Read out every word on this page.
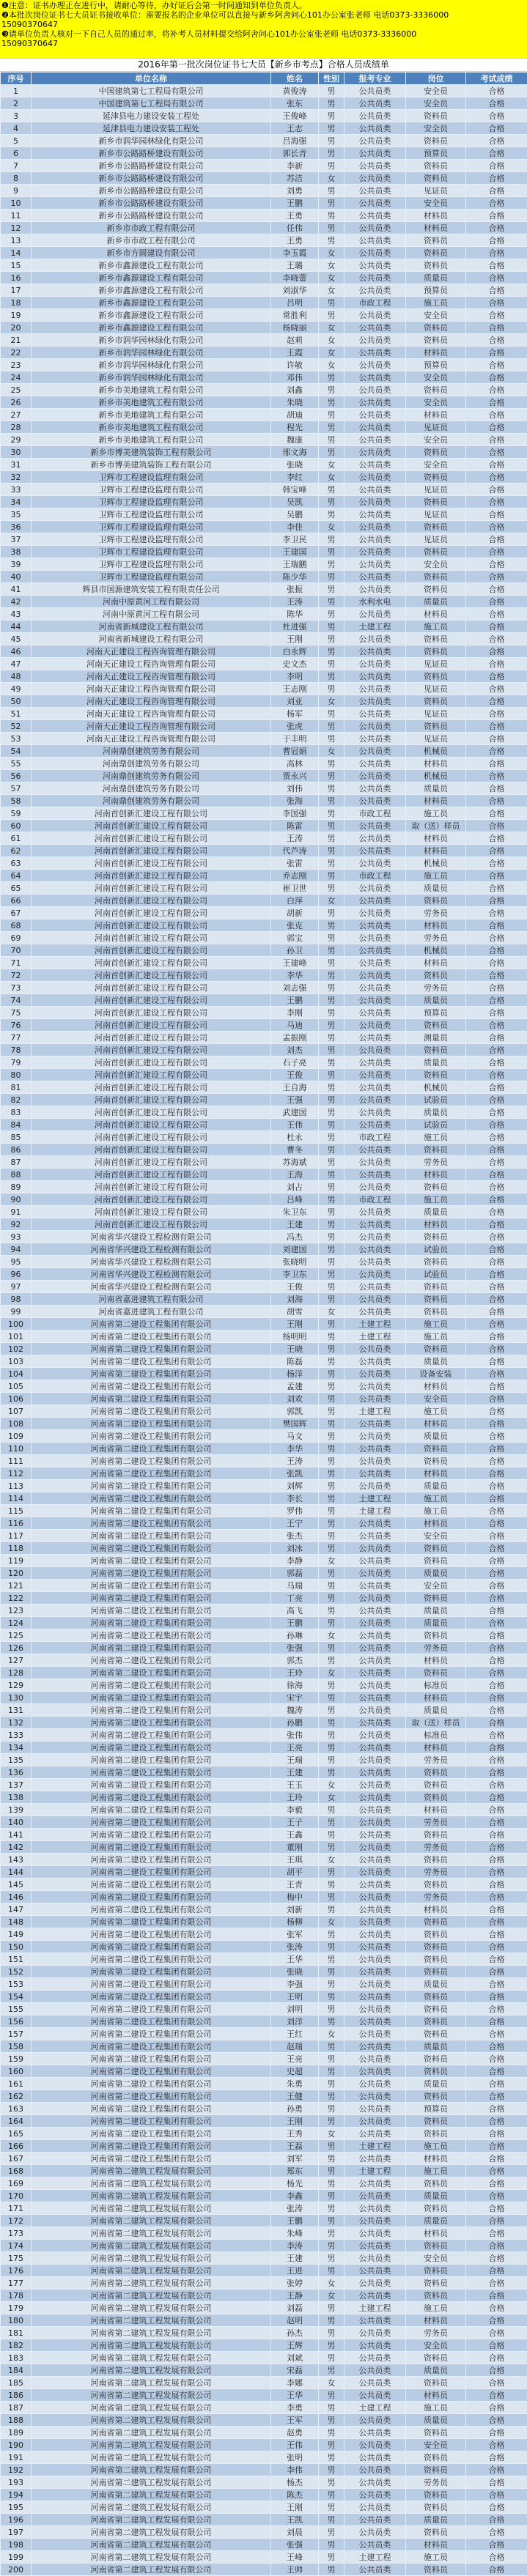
❶注意：证书办理正在进行中，请耐心等待，办好证后会第一时间通知到单位负责人。
❷本批次岗位证书七大员证书接收单位：需要报名的企业单位可以直接与新乡阿舍问心101办公室张老师 电话0373-3336000
15090370647
❸请单位负责人核对一下自己人员的通过率，将补考人员材料提交给阿舍问心101办公室张老师 电话0373-3336000
15090370647
2016年第一批次岗位证书七大员【新乡市考点】合格人员成绩单
序号	单位名称	姓名	性别	报考专业	岗位	考试成绩
1	中国建筑第七工程局有限公司	黄俊涛	男	公共员类	安全员	合格
2	中国建筑第七工程局有限公司	张东	男	公共员类	安全员	合格
3	延津县电力建设安装工程处	王俊峰	男	公共员类	资料员	合格
4	延津县电力建设安装工程处	王志	男	公共员类	安全员	合格
5	新乡市润华园林绿化有限公司	吕海强	男	公共员类	资料员	合格
6	新乡市公路路桥建设有限公司	郭长青	男	公共员类	预算员	合格
7	新乡市公路路桥建设有限公司	李新	男	公共员类	资料员	合格
8	新乡市公路路桥建设有限公司	苏洁	女	公共员类	资料员	合格
9	新乡市公路路桥建设有限公司	刘勇	男	公共员类	见证员	合格
10	新乡市公路路桥建设有限公司	王鹏	男	公共员类	安全员	合格
11	新乡市公路路桥建设有限公司	王勇	男	公共员类	材料员	合格
12	新乡市市政工程有限公司	任伟	男	公共员类	材料员	合格
13	新乡市市政工程有限公司	王勇	男	公共员类	资料员	合格
14	新乡市方圆建设有限公司	李玉霞	女	公共员类	资料员	合格
15	新乡市鑫源建设工程有限公司	王璐	女	公共员类	资料员	合格
16	新乡市鑫源建设工程有限公司	李晓蕾	女	公共员类	质量员	合格
17	新乡市鑫源建设工程有限公司	刘淑华	女	公共员类	预算员	合格
18	新乡市鑫源建设工程有限公司	吕明	男	市政工程	施工员	合格
19	新乡市鑫源建设工程有限公司	常胜利	男	公共员类	安全员	合格
20	新乡市鑫源建设工程有限公司	杨晓丽	女	公共员类	资料员	合格
21	新乡市润华园林绿化有限公司	赵莉	女	公共员类	资料员	合格
22	新乡市润华园林绿化有限公司	王霞	女	公共员类	材料员	合格
23	新乡市润华园林绿化有限公司	许敏	女	公共员类	预算员	合格
24	新乡市润华园林绿化有限公司	邓伟	男	公共员类	安全员	合格
25	新乡市美地建筑工程有限公司	刘鑫	男	公共员类	资料员	合格
26	新乡市美地建筑工程有限公司	朱晓	男	公共员类	安全员	合格
27	新乡市美地建筑工程有限公司	胡迪	男	公共员类	材料员	合格
28	新乡市美地建筑工程有限公司	程光	男	公共员类	见证员	合格
29	新乡市美地建筑工程有限公司	魏康	男	公共员类	安全员	合格
30	新乡市博美建筑装饰工程有限公司	邢文海	男	公共员类	资料员	合格
31	新乡市博美建筑装饰工程有限公司	张晓	女	公共员类	安全员	合格
32	卫辉市工程建设监理有限公司	李红	女	公共员类	资料员	合格
33	卫辉市工程建设监理有限公司	韩宝峰	男	公共员类	见证员	合格
34	卫辉市工程建设监理有限公司	吴凯	男	公共员类	资料员	合格
35	卫辉市工程建设监理有限公司	吴鹏	男	公共员类	见证员	合格
36	卫辉市工程建设监理有限公司	李佳	女	公共员类	资料员	合格
37	卫辉市工程建设监理有限公司	李卫民	男	公共员类	见证员	合格
38	卫辉市工程建设监理有限公司	王建国	男	公共员类	资料员	合格
39	卫辉市工程建设监理有限公司	王瑞鹏	男	公共员类	安全员	合格
40	卫辉市工程建设监理有限公司	陈少华	男	公共员类	资料员	合格
41	辉县市国源建筑安装工程有限责任公司	张振	男	公共员类	资料员	合格
42	河南中原黄河工程有限公司	王涛	男	水利水电	质量员	合格
43	河南中原黄河工程有限公司	陈华	男	公共员类	材料员	合格
44	河南省新城建设工程有限公司	杜进强	男	土建工程	施工员	合格
45	河南省新城建设工程有限公司	王刚	男	公共员类	资料员	合格
46	河南天正建设工程咨询管理有限公司	白永辉	男	公共员类	资料员	合格
47	河南天正建设工程咨询管理有限公司	史文杰	男	公共员类	见证员	合格
48	河南天正建设工程咨询管理有限公司	李明	男	公共员类	资料员	合格
49	河南天正建设工程咨询管理有限公司	王志刚	男	公共员类	见证员	合格
50	河南天正建设工程咨询管理有限公司	刘亚	女	公共员类	资料员	合格
51	河南天正建设工程咨询管理有限公司	杨军	男	公共员类	见证员	合格
52	河南天正建设工程咨询管理有限公司	张虎	男	公共员类	资料员	合格
53	河南天正建设工程咨询管理有限公司	于丰明	男	公共员类	见证员	合格
54	河南鼎创建筑劳务有限公司	曹冠娟	女	公共员类	机械员	合格
55	河南鼎创建筑劳务有限公司	高林	男	公共员类	材料员	合格
56	河南鼎创建筑劳务有限公司	贾永兴	男	公共员类	机械员	合格
57	河南鼎创建筑劳务有限公司	刘伟	男	公共员类	质量员	合格
58	河南鼎创建筑劳务有限公司	张海	男	公共员类	材料员	合格
59	河南首创新汇建设工程有限公司	李国强	男	市政工程	施工员	合格
60	河南首创新汇建设工程有限公司	陈雷	男	公共员类	取（送）样员	合格
61	河南首创新汇建设工程有限公司	王涛	男	公共员类	材料员	合格
62	河南首创新汇建设工程有限公司	代芦涛	男	公共员类	材料员	合格
63	河南首创新汇建设工程有限公司	张雷	男	公共员类	机械员	合格
64	河南首创新汇建设工程有限公司	乔志刚	男	市政工程	施工员	合格
65	河南首创新汇建设工程有限公司	崔卫世	男	公共员类	质量员	合格
66	河南首创新汇建设工程有限公司	白萍	女	公共员类	资料员	合格
67	河南首创新汇建设工程有限公司	胡新	男	公共员类	劳务员	合格
68	河南首创新汇建设工程有限公司	张克	男	公共员类	材料员	合格
69	河南首创新汇建设工程有限公司	郭宝	男	公共员类	劳务员	合格
70	河南首创新汇建设工程有限公司	孙卫	男	公共员类	机械员	合格
71	河南首创新汇建设工程有限公司	王建峰	男	公共员类	材料员	合格
72	河南首创新汇建设工程有限公司	李华	男	公共员类	资料员	合格
73	河南首创新汇建设工程有限公司	刘志强	男	公共员类	劳务员	合格
74	河南首创新汇建设工程有限公司	王鹏	男	公共员类	质量员	合格
75	河南首创新汇建设工程有限公司	李刚	男	公共员类	预算员	合格
76	河南首创新汇建设工程有限公司	马迪	男	公共员类	资料员	合格
77	河南首创新汇建设工程有限公司	孟振刚	男	公共员类	测量员	合格
78	河南首创新汇建设工程有限公司	刘杰	男	公共员类	资料员	合格
79	河南首创新汇建设工程有限公司	石子亮	男	公共员类	质量员	合格
80	河南首创新汇建设工程有限公司	王俊	男	公共员类	资料员	合格
81	河南首创新汇建设工程有限公司	王自海	男	公共员类	机械员	合格
82	河南首创新汇建设工程有限公司	王强	男	公共员类	试验员	合格
83	河南首创新汇建设工程有限公司	武建国	男	公共员类	质量员	合格
84	河南首创新汇建设工程有限公司	王伟	男	公共员类	试验员	合格
85	河南首创新汇建设工程有限公司	杜永	男	市政工程	施工员	合格
86	河南首创新汇建设工程有限公司	曹冬	男	公共员类	资料员	合格
87	河南首创新汇建设工程有限公司	苏海斌	男	公共员类	劳务员	合格
88	河南首创新汇建设工程有限公司	王海	男	公共员类	材料员	合格
89	河南首创新汇建设工程有限公司	刘占	男	公共员类	资料员	合格
90	河南首创新汇建设工程有限公司	吕峰	男	市政工程	施工员	合格
91	河南首创新汇建设工程有限公司	朱卫东	男	公共员类	质量员	合格
92	河南首创新汇建设工程有限公司	王建	男	公共员类	材料员	合格
93	河南省华兴建设工程检测有限公司	冯杰	男	公共员类	资料员	合格
94	河南省华兴建设工程检测有限公司	刘建国	男	公共员类	试验员	合格
95	河南省华兴建设工程检测有限公司	张晓明	男	公共员类	资料员	合格
96	河南省华兴建设工程检测有限公司	李卫东	男	公共员类	试验员	合格
97	河南省华兴建设工程检测有限公司	王俊	男	公共员类	资料员	合格
98	河南省嘉进建筑工程有限公司	刘海	男	公共员类	资料员	合格
99	河南省嘉进建筑工程有限公司	胡雪	女	公共员类	资料员	合格
100	河南省第二建设工程集团有限公司	王刚	男	土建工程	施工员	合格
101	河南省第二建设工程集团有限公司	杨明明	男	土建工程	施工员	合格
102	河南省第二建设工程集团有限公司	王晓	男	公共员类	资料员	合格
103	河南省第二建设工程集团有限公司	陈磊	男	公共员类	质量员	合格
104	河南省第二建设工程集团有限公司	杨洋	男	公共员类	设备安装	合格
105	河南省第二建设工程集团有限公司	孟建	男	公共员类	材料员	合格
106	河南省第二建设工程集团有限公司	刘欢	男	公共员类	安全员	合格
107	河南省第二建设工程集团有限公司	郭凯	男	土建工程	施工员	合格
108	河南省第二建设工程集团有限公司	樊国辉	男	公共员类	材料员	合格
109	河南省第二建设工程集团有限公司	马文	男	公共员类	质量员	合格
110	河南省第二建设工程集团有限公司	李华	男	公共员类	资料员	合格
111	河南省第二建设工程集团有限公司	王涛	男	公共员类	资料员	合格
112	河南省第二建设工程集团有限公司	张凯	男	公共员类	材料员	合格
113	河南省第二建设工程集团有限公司	刘辉	男	公共员类	质量员	合格
114	河南省第二建设工程集团有限公司	李长	男	土建工程	施工员	合格
115	河南省第二建设工程集团有限公司	罗伟	男	土建工程	施工员	合格
116	河南省第二建设工程集团有限公司	王宁	男	公共员类	材料员	合格
117	河南省第二建设工程集团有限公司	张杰	男	公共员类	安全员	合格
118	河南省第二建设工程集团有限公司	刘冰	男	公共员类	资料员	合格
119	河南省第二建设工程集团有限公司	李静	女	公共员类	资料员	合格
120	河南省第二建设工程集团有限公司	郭磊	男	公共员类	质量员	合格
121	河南省第二建设工程集团有限公司	马瑞	男	公共员类	安全员	合格
122	河南省第二建设工程集团有限公司	丁亮	男	公共员类	资料员	合格
123	河南省第二建设工程集团有限公司	高飞	男	公共员类	质量员	合格
124	河南省第二建设工程集团有限公司	王鹏	男	公共员类	质量员	合格
125	河南省第二建设工程集团有限公司	孙琳	女	公共员类	资料员	合格
126	河南省第二建设工程集团有限公司	张强	男	公共员类	劳务员	合格
127	河南省第二建设工程集团有限公司	郭杰	男	公共员类	材料员	合格
128	河南省第二建设工程集团有限公司	王玲	女	公共员类	资料员	合格
129	河南省第二建设工程集团有限公司	徐海	男	公共员类	标准员	合格
130	河南省第二建设工程集团有限公司	宋宇	男	公共员类	材料员	合格
131	河南省第二建设工程集团有限公司	魏涛	男	公共员类	质量员	合格
132	河南省第二建设工程集团有限公司	孙鹏	男	公共员类	取（送）样员	合格
133	河南省第二建设工程集团有限公司	张伟	男	公共员类	标准员	合格
134	河南省第二建设工程集团有限公司	王亮	男	公共员类	材料员	合格
135	河南省第二建设工程集团有限公司	王瑞	男	公共员类	劳务员	合格
136	河南省第二建设工程集团有限公司	王建	男	公共员类	资料员	合格
137	河南省第二建设工程集团有限公司	王玉	女	公共员类	资料员	合格
138	河南省第二建设工程集团有限公司	王玲	女	公共员类	资料员	合格
139	河南省第二建设工程集团有限公司	李毅	男	公共员类	材料员	合格
140	河南省第二建设工程集团有限公司	王子	男	公共员类	劳务员	合格
141	河南省第二建设工程集团有限公司	王鑫	男	公共员类	资料员	合格
142	河南省第二建设工程集团有限公司	董刚	男	公共员类	劳务员	合格
143	河南省第二建设工程集团有限公司	王琪	女	公共员类	资料员	合格
144	河南省第二建设工程集团有限公司	胡平	男	公共员类	劳务员	合格
145	河南省第二建设工程集团有限公司	王青	男	公共员类	资料员	合格
146	河南省第二建设工程集团有限公司	梅中	男	公共员类	劳务员	合格
147	河南省第二建设工程集团有限公司	刘新	男	公共员类	材料员	合格
148	河南省第二建设工程集团有限公司	杨柳	女	公共员类	资料员	合格
149	河南省第二建设工程集团有限公司	张军	男	公共员类	资料员	合格
150	河南省第二建设工程集团有限公司	张涛	男	公共员类	资料员	合格
151	河南省第二建设工程集团有限公司	王华	男	公共员类	资料员	合格
152	河南省第二建设工程集团有限公司	张晓	男	公共员类	资料员	合格
153	河南省第二建设工程集团有限公司	李强	男	公共员类	质量员	合格
154	河南省第二建设工程集团有限公司	王明	男	公共员类	资料员	合格
155	河南省第二建设工程集团有限公司	刘明	男	公共员类	资料员	合格
156	河南省第二建设工程集团有限公司	刘洋	男	公共员类	资料员	合格
157	河南省第二建设工程集团有限公司	王红	女	公共员类	资料员	合格
158	河南省第二建设工程集团有限公司	赵瑞	男	公共员类	质量员	合格
159	河南省第二建设工程集团有限公司	王亮	男	公共员类	资料员	合格
160	河南省第二建设工程集团有限公司	史超	男	公共员类	资料员	合格
161	河南省第二建设工程集团有限公司	朱勇	男	公共员类	质量员	合格
162	河南省第二建设工程集团有限公司	王健	男	公共员类	资料员	合格
163	河南省第二建设工程集团有限公司	孙勇	男	公共员类	预算员	合格
164	河南省第二建设工程集团有限公司	王刚	男	公共员类	资料员	合格
165	河南省第二建设工程集团有限公司	王秀	女	公共员类	资料员	合格
166	河南省第二建设工程集团有限公司	王磊	男	土建工程	施工员	合格
167	河南省第二建设工程集团有限公司	刘军	男	公共员类	材料员	合格
168	河南省第二建筑工程发展有限公司	郑东	男	土建工程	施工员	合格
169	河南省第二建筑工程发展有限公司	杨光	男	公共员类	资料员	合格
170	河南省第二建筑工程发展有限公司	李鑫	男	公共员类	质量员	合格
171	河南省第二建筑工程发展有限公司	张涛	男	公共员类	资料员	合格
172	河南省第二建筑工程发展有限公司	王鹏	男	公共员类	质量员	合格
173	河南省第二建筑工程发展有限公司	朱峰	男	公共员类	材料员	合格
174	河南省第二建筑工程发展有限公司	李涛	男	公共员类	资料员	合格
175	河南省第二建筑工程发展有限公司	王建	男	公共员类	安全员	合格
176	河南省第二建筑工程发展有限公司	王进	男	公共员类	资料员	合格
177	河南省第二建筑工程发展有限公司	张婷	女	公共员类	资料员	合格
178	河南省第二建筑工程发展有限公司	王静	女	公共员类	资料员	合格
179	河南省第二建筑工程发展有限公司	刘磊	男	土建工程	施工员	合格
180	河南省第二建筑工程发展有限公司	赵明	男	公共员类	材料员	合格
181	河南省第二建筑工程发展有限公司	孙杰	男	公共员类	劳务员	合格
182	河南省第二建筑工程发展有限公司	王辉	男	公共员类	安全员	合格
183	河南省第二建筑工程发展有限公司	刘斌	男	公共员类	资料员	合格
184	河南省第二建筑工程发展有限公司	宋磊	男	公共员类	质量员	合格
185	河南省第二建筑工程发展有限公司	李娜	女	公共员类	资料员	合格
186	河南省第二建筑工程发展有限公司	王华	男	公共员类	材料员	合格
187	河南省第二建筑工程发展有限公司	李勇	男	土建工程	施工员	合格
188	河南省第二建筑工程发展有限公司	王军	男	公共员类	质量员	合格
189	河南省第二建筑工程发展有限公司	赵勇	男	公共员类	资料员	合格
190	河南省第二建筑工程发展有限公司	王伟	男	公共员类	安全员	合格
191	河南省第二建筑工程发展有限公司	张明	男	公共员类	资料员	合格
192	河南省第二建筑工程发展有限公司	李伟	男	公共员类	资料员	合格
193	河南省第二建筑工程发展有限公司	杨杰	男	公共员类	劳务员	合格
194	河南省第二建筑工程发展有限公司	陈杰	男	公共员类	资料员	合格
195	河南省第二建筑工程发展有限公司	王刚	男	公共员类	资料员	合格
196	河南省第二建筑工程发展有限公司	王凯	男	公共员类	质量员	合格
197	河南省第二建筑工程发展有限公司	刘晨	男	公共员类	资料员	合格
198	河南省第二建筑工程发展有限公司	张强	男	公共员类	材料员	合格
199	河南省第二建筑工程发展有限公司	王峰	男	土建工程	施工员	合格
200	河南省第二建筑工程发展有限公司	王帅	男	公共员类	资料员	合格
